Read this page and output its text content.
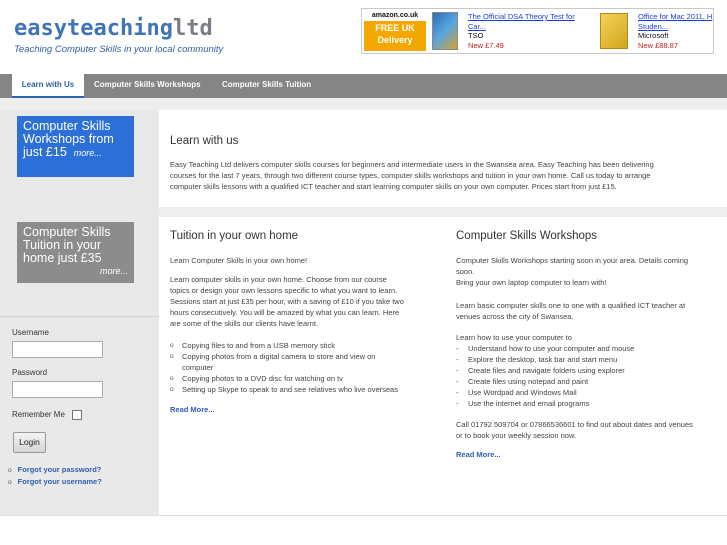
easyteachingltd
Teaching Computer Skills in your local community
amazon.co.uk
FREE UK
Delivery
The Official DSA Theory Test for
Car...
TSO
New £7.49
Office for Mac 2011, H
Studen...
Microsoft
New £88.87
Learn with Us	Computer Skills Workshops	Computer Skills Tuition
Computer Skills
Workshops from
just £15 more...
Computer Skills
Tuition in your
home just £35
more...
Username
Password
Remember Me
Login
o Forgot your password?
o Forgot your username?
Learn with us
Easy Teaching Ltd delivers computer skills courses for beginners and intermediate users in the Swansea area. Easy Teaching has been delivering
courses for the last 7 years, through two different course types, computer skills workshops and tuition in your own home. Call us today to arrange
computer skills lessons with a qualified ICT teacher and start learning computer skills on your own computer. Prices start from just £15.
Tuition in your own home
Learn Computer Skills in your own home!
Learn computer skills in your own home. Choose from our course
topics or design your own lessons specific to what you want to learn.
Sessions start at just £35 per hour, with a saving of £10 if you take two
hours consecutively. You will be amazed by what you can learn. Here
are some of the skills our clients have learnt.
o Copying files to and from a USB memory stick
o Copying photos from a digital camera to store and view on
computer
o Copying photos to a DVD disc for watching on tv
o Setting up Skype to speak to and see relatives who live overseas
Read More...
Computer Skills Workshops
Computer Skills Workshops starting soon in your area. Details coming
soon.
Bring your own laptop computer to learn with!
Learn basic computer skills one to one with a qualified ICT teacher at
venues across the city of Swansea.
Learn how to use your computer to
- Understand how to use your computer and mouse
- Explore the desktop, task bar and start menu
- Create files and navigate folders using explorer
- Create files using notepad and paint
- Use Wordpad and Windows Mail
- Use the internet and email programs
Call 01792 509704 or 07866536601 to find out about dates and venues
or to book your weekly session now.
Read More...
